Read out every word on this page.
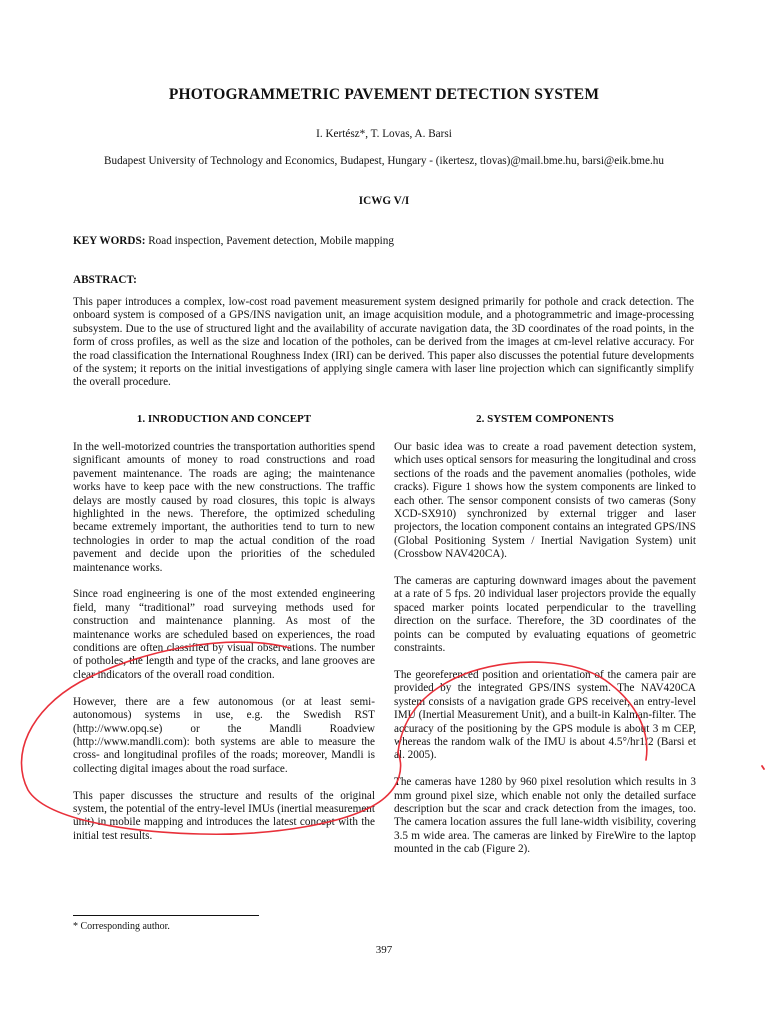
PHOTOGRAMMETRIC PAVEMENT DETECTION SYSTEM
I. Kertész*, T. Lovas, A. Barsi
Budapest University of Technology and Economics, Budapest, Hungary - (ikertesz, tlovas)@mail.bme.hu, barsi@eik.bme.hu
ICWG V/I
KEY WORDS: Road inspection, Pavement detection, Mobile mapping
ABSTRACT:
This paper introduces a complex, low-cost road pavement measurement system designed primarily for pothole and crack detection. The onboard system is composed of a GPS/INS navigation unit, an image acquisition module, and a photogrammetric and image-processing subsystem. Due to the use of structured light and the availability of accurate navigation data, the 3D coordinates of the road points, in the form of cross profiles, as well as the size and location of the potholes, can be derived from the images at cm-level relative accuracy. For the road classification the International Roughness Index (IRI) can be derived. This paper also discusses the potential future developments of the system; it reports on the initial investigations of applying single camera with laser line projection which can significantly simplify the overall procedure.
1. INRODUCTION AND CONCEPT

In the well-motorized countries the transportation authorities spend significant amounts of money to road constructions and road pavement maintenance. The roads are aging; the maintenance works have to keep pace with the new constructions. The traffic delays are mostly caused by road closures, this topic is always highlighted in the news. Therefore, the optimized scheduling became extremely important, the authorities tend to turn to new technologies in order to map the actual condition of the road pavement and decide upon the priorities of the scheduled maintenance works.

Since road engineering is one of the most extended engineering field, many “traditional” road surveying methods used for construction and maintenance planning. As most of the maintenance works are scheduled based on experiences, the road conditions are often classified by visual observations. The number of potholes, the length and type of the cracks, and lane grooves are clear indicators of the overall road condition.

However, there are a few autonomous (or at least semi-autonomous) systems in use, e.g. the Swedish RST (http://www.opq.se) or the Mandli Roadview (http://www.mandli.com): both systems are able to measure the cross- and longitudinal profiles of the roads; moreover, Mandli is collecting digital images about the road surface.

This paper discusses the structure and results of the original system, the potential of the entry-level IMUs (inertial measurement unit) in mobile mapping and introduces the latest concept with the initial test results.

2. SYSTEM COMPONENTS

Our basic idea was to create a road pavement detection system, which uses optical sensors for measuring the longitudinal and cross sections of the roads and the pavement anomalies (potholes, wide cracks). Figure 1 shows how the system components are linked to each other. The sensor component consists of two cameras (Sony XCD-SX910) synchronized by external trigger and laser projectors, the location component contains an integrated GPS/INS (Global Positioning System / Inertial Navigation System) unit (Crossbow NAV420CA).

The cameras are capturing downward images about the pavement at a rate of 5 fps. 20 individual laser projectors provide the equally spaced marker points located perpendicular to the travelling direction on the surface. Therefore, the 3D coordinates of the points can be computed by evaluating equations of geometric constraints.

The georeferenced position and orientation of the camera pair are provided by the integrated GPS/INS system. The NAV420CA system consists of a navigation grade GPS receiver, an entry-level IMU (Inertial Measurement Unit), and a built-in Kalman-filter. The accuracy of the positioning by the GPS module is about 3 m CEP, whereas the random walk of the IMU is about 4.5°/hr1/2 (Barsi et al. 2005).

The cameras have 1280 by 960 pixel resolution which results in 3 mm ground pixel size, which enable not only the detailed surface description but the scar and crack detection from the images, too. The camera location assures the full lane-width visibility, covering 3.5 m wide area. The cameras are linked by FireWire to the laptop mounted in the cab (Figure 2).

* Corresponding author.
397
